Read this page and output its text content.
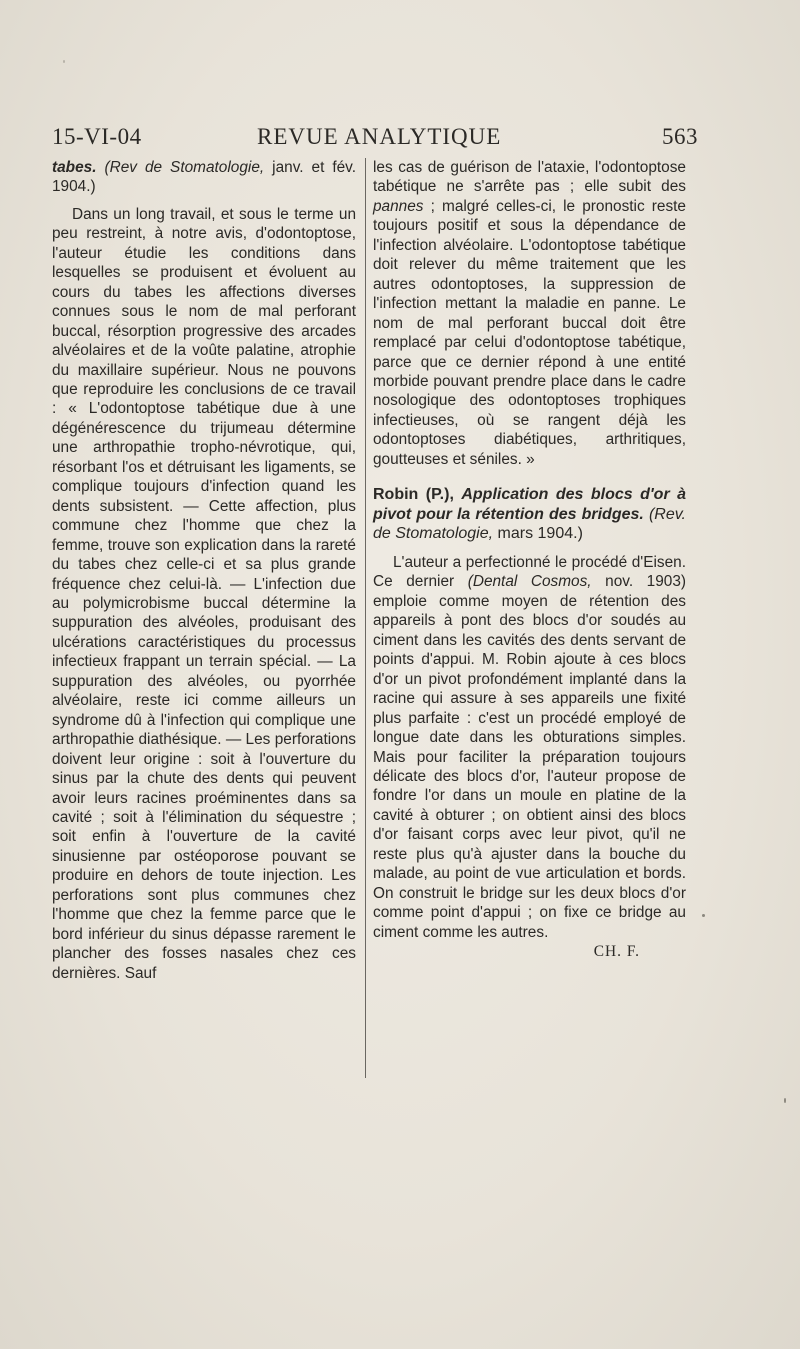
15-VI-04	REVUE ANALYTIQUE	563

tabes. (Rev de Stomatologie, janv. et fév. 1904.)

Dans un long travail, et sous le terme un peu restreint, à notre avis, d'odontoptose, l'auteur étudie les conditions dans lesquelles se produisent et évoluent au cours du tabes les affections diverses connues sous le nom de mal perforant buccal, résorption progressive des arcades alvéolaires et de la voûte palatine, atrophie du maxillaire supérieur. Nous ne pouvons que reproduire les conclusions de ce travail : « L'odontoptose tabétique due à une dégénérescence du trijumeau détermine une arthropathie tropho-névrotique, qui, résorbant l'os et détruisant les ligaments, se complique toujours d'infection quand les dents subsistent. — Cette affection, plus commune chez l'homme que chez la femme, trouve son explication dans la rareté du tabes chez celle-ci et sa plus grande fréquence chez celui-là. — L'infection due au polymicrobisme buccal détermine la suppuration des alvéoles, produisant des ulcérations caractéristiques du processus infectieux frappant un terrain spécial. — La suppuration des alvéoles, ou pyorrhée alvéolaire, reste ici comme ailleurs un syndrome dû à l'infection qui complique une arthropathie diathésique. — Les perforations doivent leur origine : soit à l'ouverture du sinus par la chute des dents qui peuvent avoir leurs racines proéminentes dans sa cavité ; soit à l'élimination du séquestre ; soit enfin à l'ouverture de la cavité sinusienne par ostéoporose pouvant se produire en dehors de toute injection. Les perforations sont plus communes chez l'homme que chez la femme parce que le bord inférieur du sinus dépasse rarement le plancher des fosses nasales chez ces dernières. Sauf

les cas de guérison de l'ataxie, l'odontoptose tabétique ne s'arrête pas ; elle subit des pannes ; malgré celles-ci, le pronostic reste toujours positif et sous la dépendance de l'infection alvéolaire. L'odontoptose tabétique doit relever du même traitement que les autres odontoptoses, la suppression de l'infection mettant la maladie en panne. Le nom de mal perforant buccal doit être remplacé par celui d'odontoptose tabétique, parce que ce dernier répond à une entité morbide pouvant prendre place dans le cadre nosologique des odontoptoses trophiques infectieuses, où se rangent déjà les odontoptoses diabétiques, arthritiques, goutteuses et séniles. »

Robin (P.), Application des blocs d'or à pivot pour la rétention des bridges. (Rev. de Stomatologie, mars 1904.)

L'auteur a perfectionné le procédé d'Eisen. Ce dernier (Dental Cosmos, nov. 1903) emploie comme moyen de rétention des appareils à pont des blocs d'or soudés au ciment dans les cavités des dents servant de points d'appui. M. Robin ajoute à ces blocs d'or un pivot profondément implanté dans la racine qui assure à ses appareils une fixité plus parfaite : c'est un procédé employé de longue date dans les obturations simples. Mais pour faciliter la préparation toujours délicate des blocs d'or, l'auteur propose de fondre l'or dans un moule en platine de la cavité à obturer ; on obtient ainsi des blocs d'or faisant corps avec leur pivot, qu'il ne reste plus qu'à ajuster dans la bouche du malade, au point de vue articulation et bords. On construit le bridge sur les deux blocs d'or comme point d'appui ; on fixe ce bridge au ciment comme les autres.

CH. F.
